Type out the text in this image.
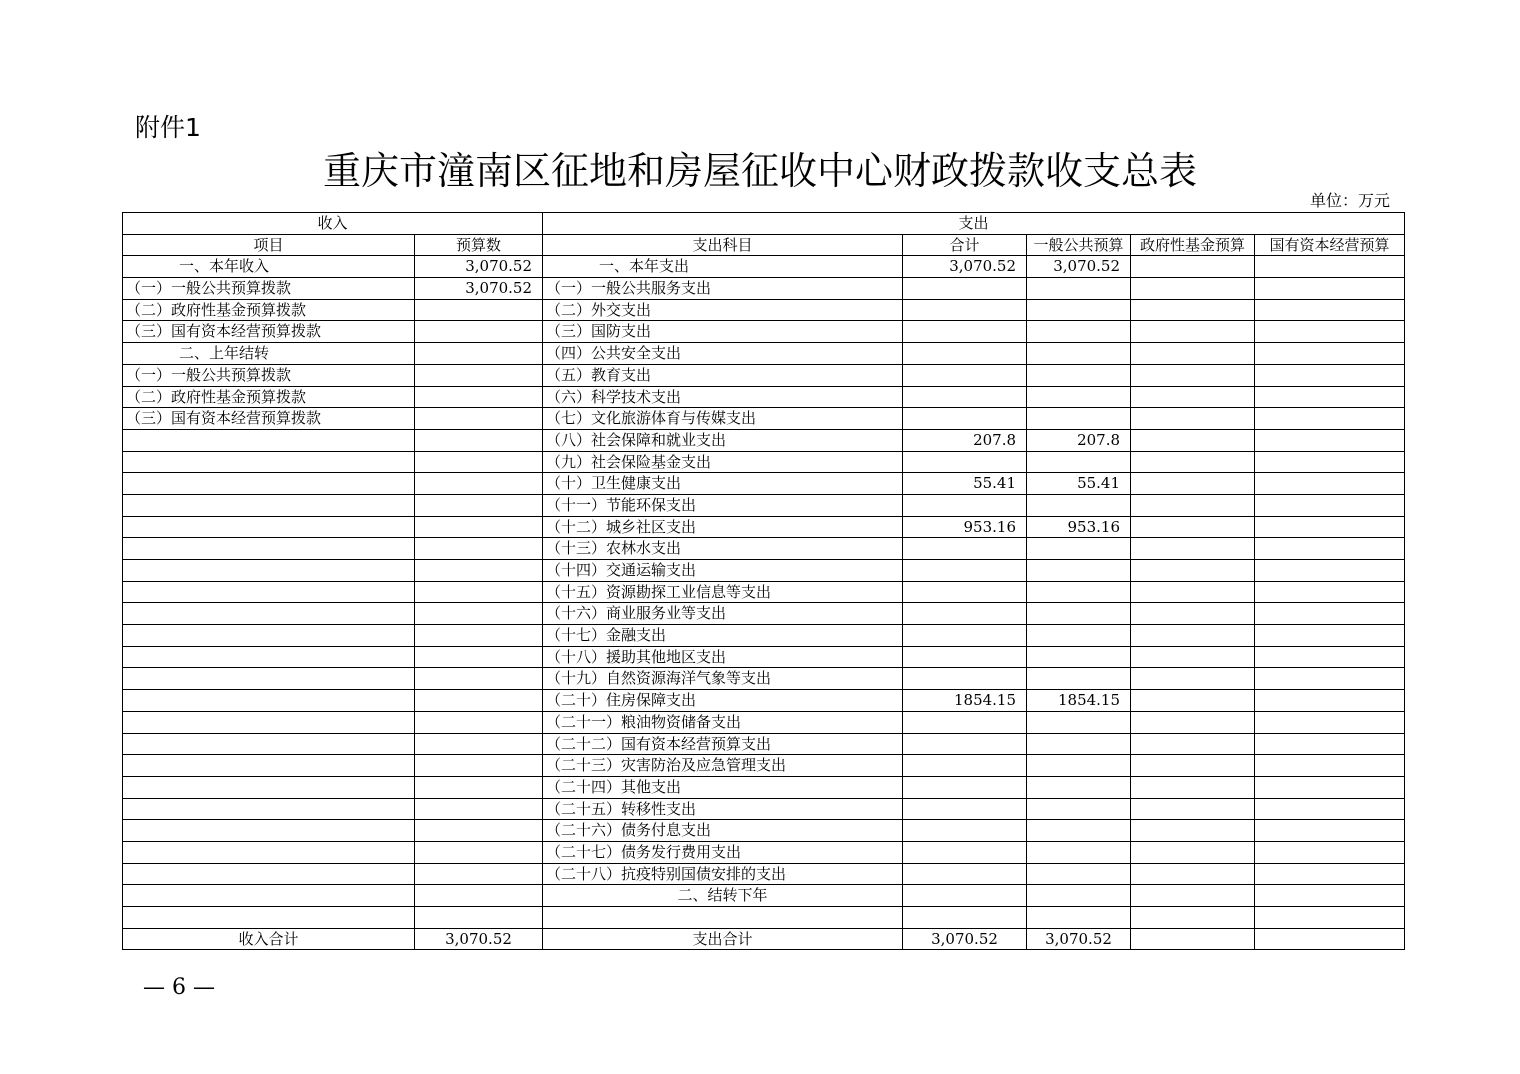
附件1
重庆市潼南区征地和房屋征收中心财政拨款收支总表
单位：万元
收入		支出				
项目	预算数	支出科目	合计	一般公共预算	政府性基金预算	国有资本经营预算
一、本年收入	3,070.52	一、本年支出	3,070.52	3,070.52		
（一）一般公共预算拨款	3,070.52	（一）一般公共服务支出				
（二）政府性基金预算拨款		（二）外交支出				
（三）国有资本经营预算拨款		（三）国防支出				
二、上年结转		（四）公共安全支出				
（一）一般公共预算拨款		（五）教育支出				
（二）政府性基金预算拨款		（六）科学技术支出				
（三）国有资本经营预算拨款		（七）文化旅游体育与传媒支出				
		（八）社会保障和就业支出	207.8	207.8		
		（九）社会保险基金支出				
		（十）卫生健康支出	55.41	55.41		
		（十一）节能环保支出				
		（十二）城乡社区支出	953.16	953.16		
		（十三）农林水支出				
		（十四）交通运输支出				
		（十五）资源勘探工业信息等支出				
		（十六）商业服务业等支出				
		（十七）金融支出				
		（十八）援助其他地区支出				
		（十九）自然资源海洋气象等支出				
		（二十）住房保障支出	1854.15	1854.15		
		（二十一）粮油物资储备支出				
		（二十二）国有资本经营预算支出				
		（二十三）灾害防治及应急管理支出				
		（二十四）其他支出				
		（二十五）转移性支出				
		（二十六）债务付息支出				
		（二十七）债务发行费用支出				
		（二十八）抗疫特别国债安排的支出				
		二、结转下年				

收入合计	3,070.52	支出合计	3,070.52	3,070.52		
— 6 —
